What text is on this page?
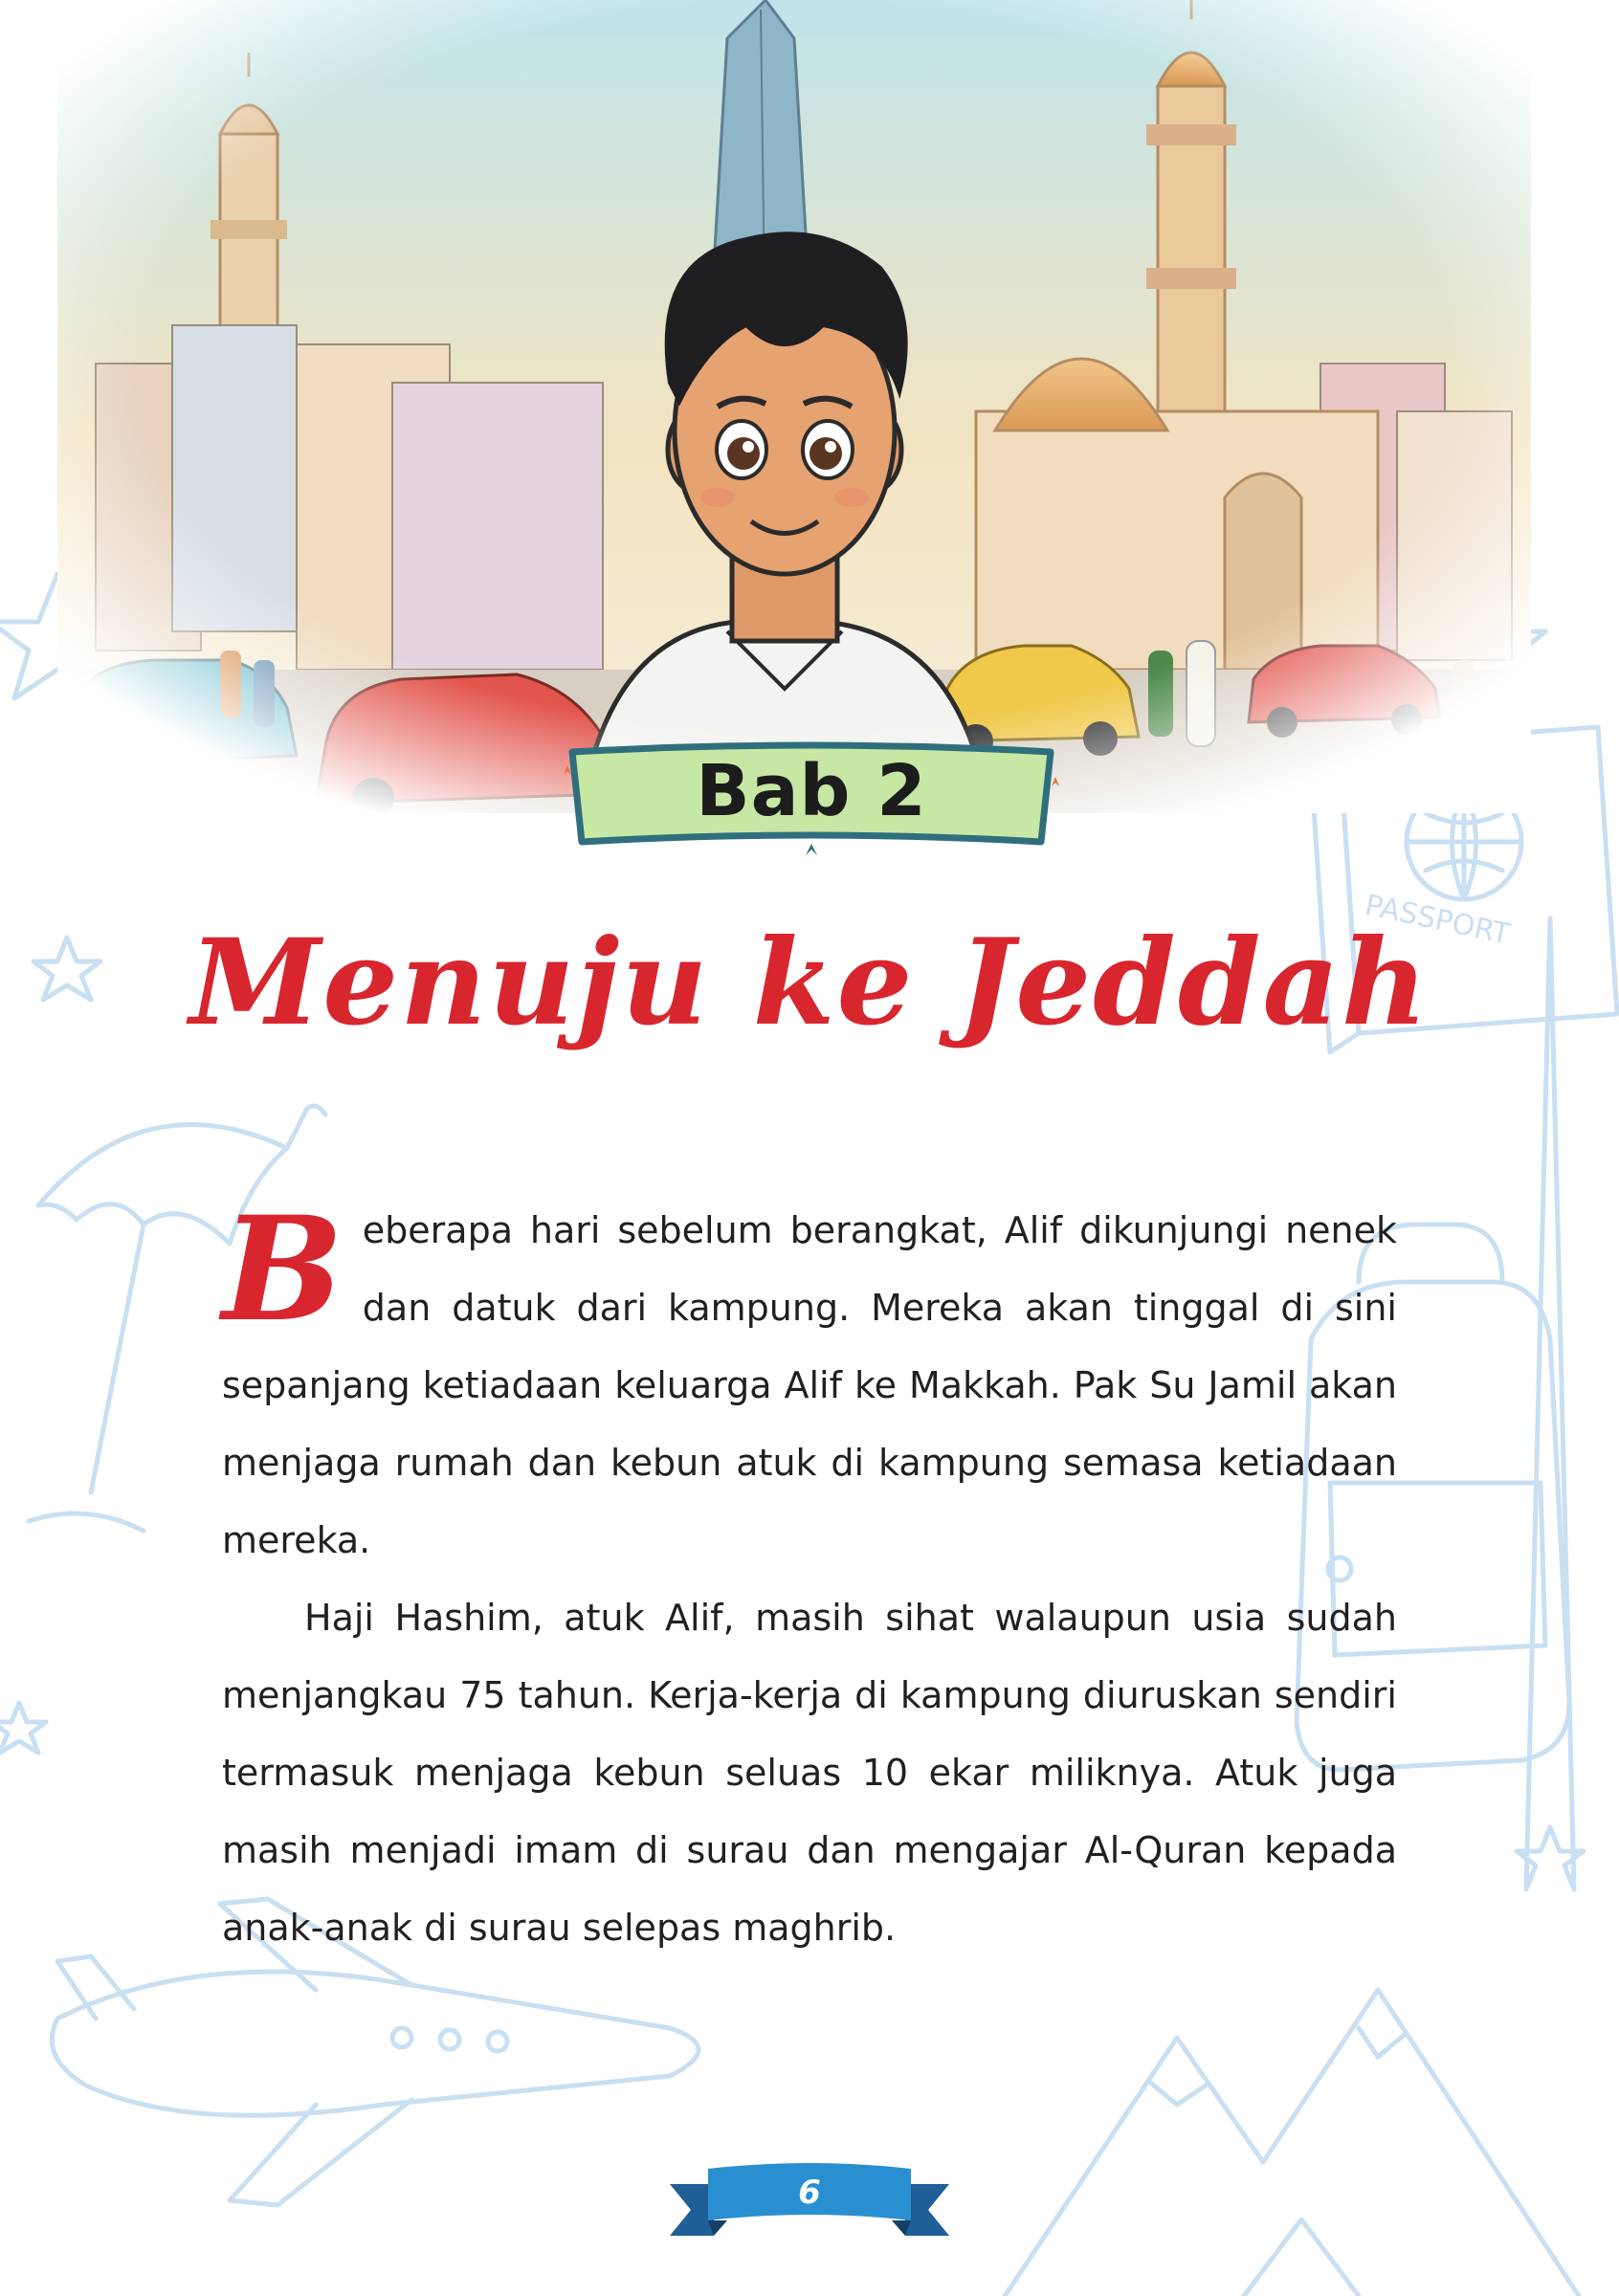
PASSPORT
Bab 2
Menuju ke Jeddah

Beberapa hari sebelum berangkat, Alif dikunjungi nenek dan datuk dari kampung. Mereka akan tinggal di sini sepanjang ketiadaan keluarga Alif ke Makkah. Pak Su Jamil akan menjaga rumah dan kebun atuk di kampung semasa ketiadaan mereka.

Haji Hashim, atuk Alif, masih sihat walaupun usia sudah menjangkau 75 tahun. Kerja-kerja di kampung diuruskan sendiri termasuk menjaga kebun seluas 10 ekar miliknya. Atuk juga masih menjadi imam di surau dan mengajar Al-Quran kepada anak-anak di surau selepas maghrib.

6
